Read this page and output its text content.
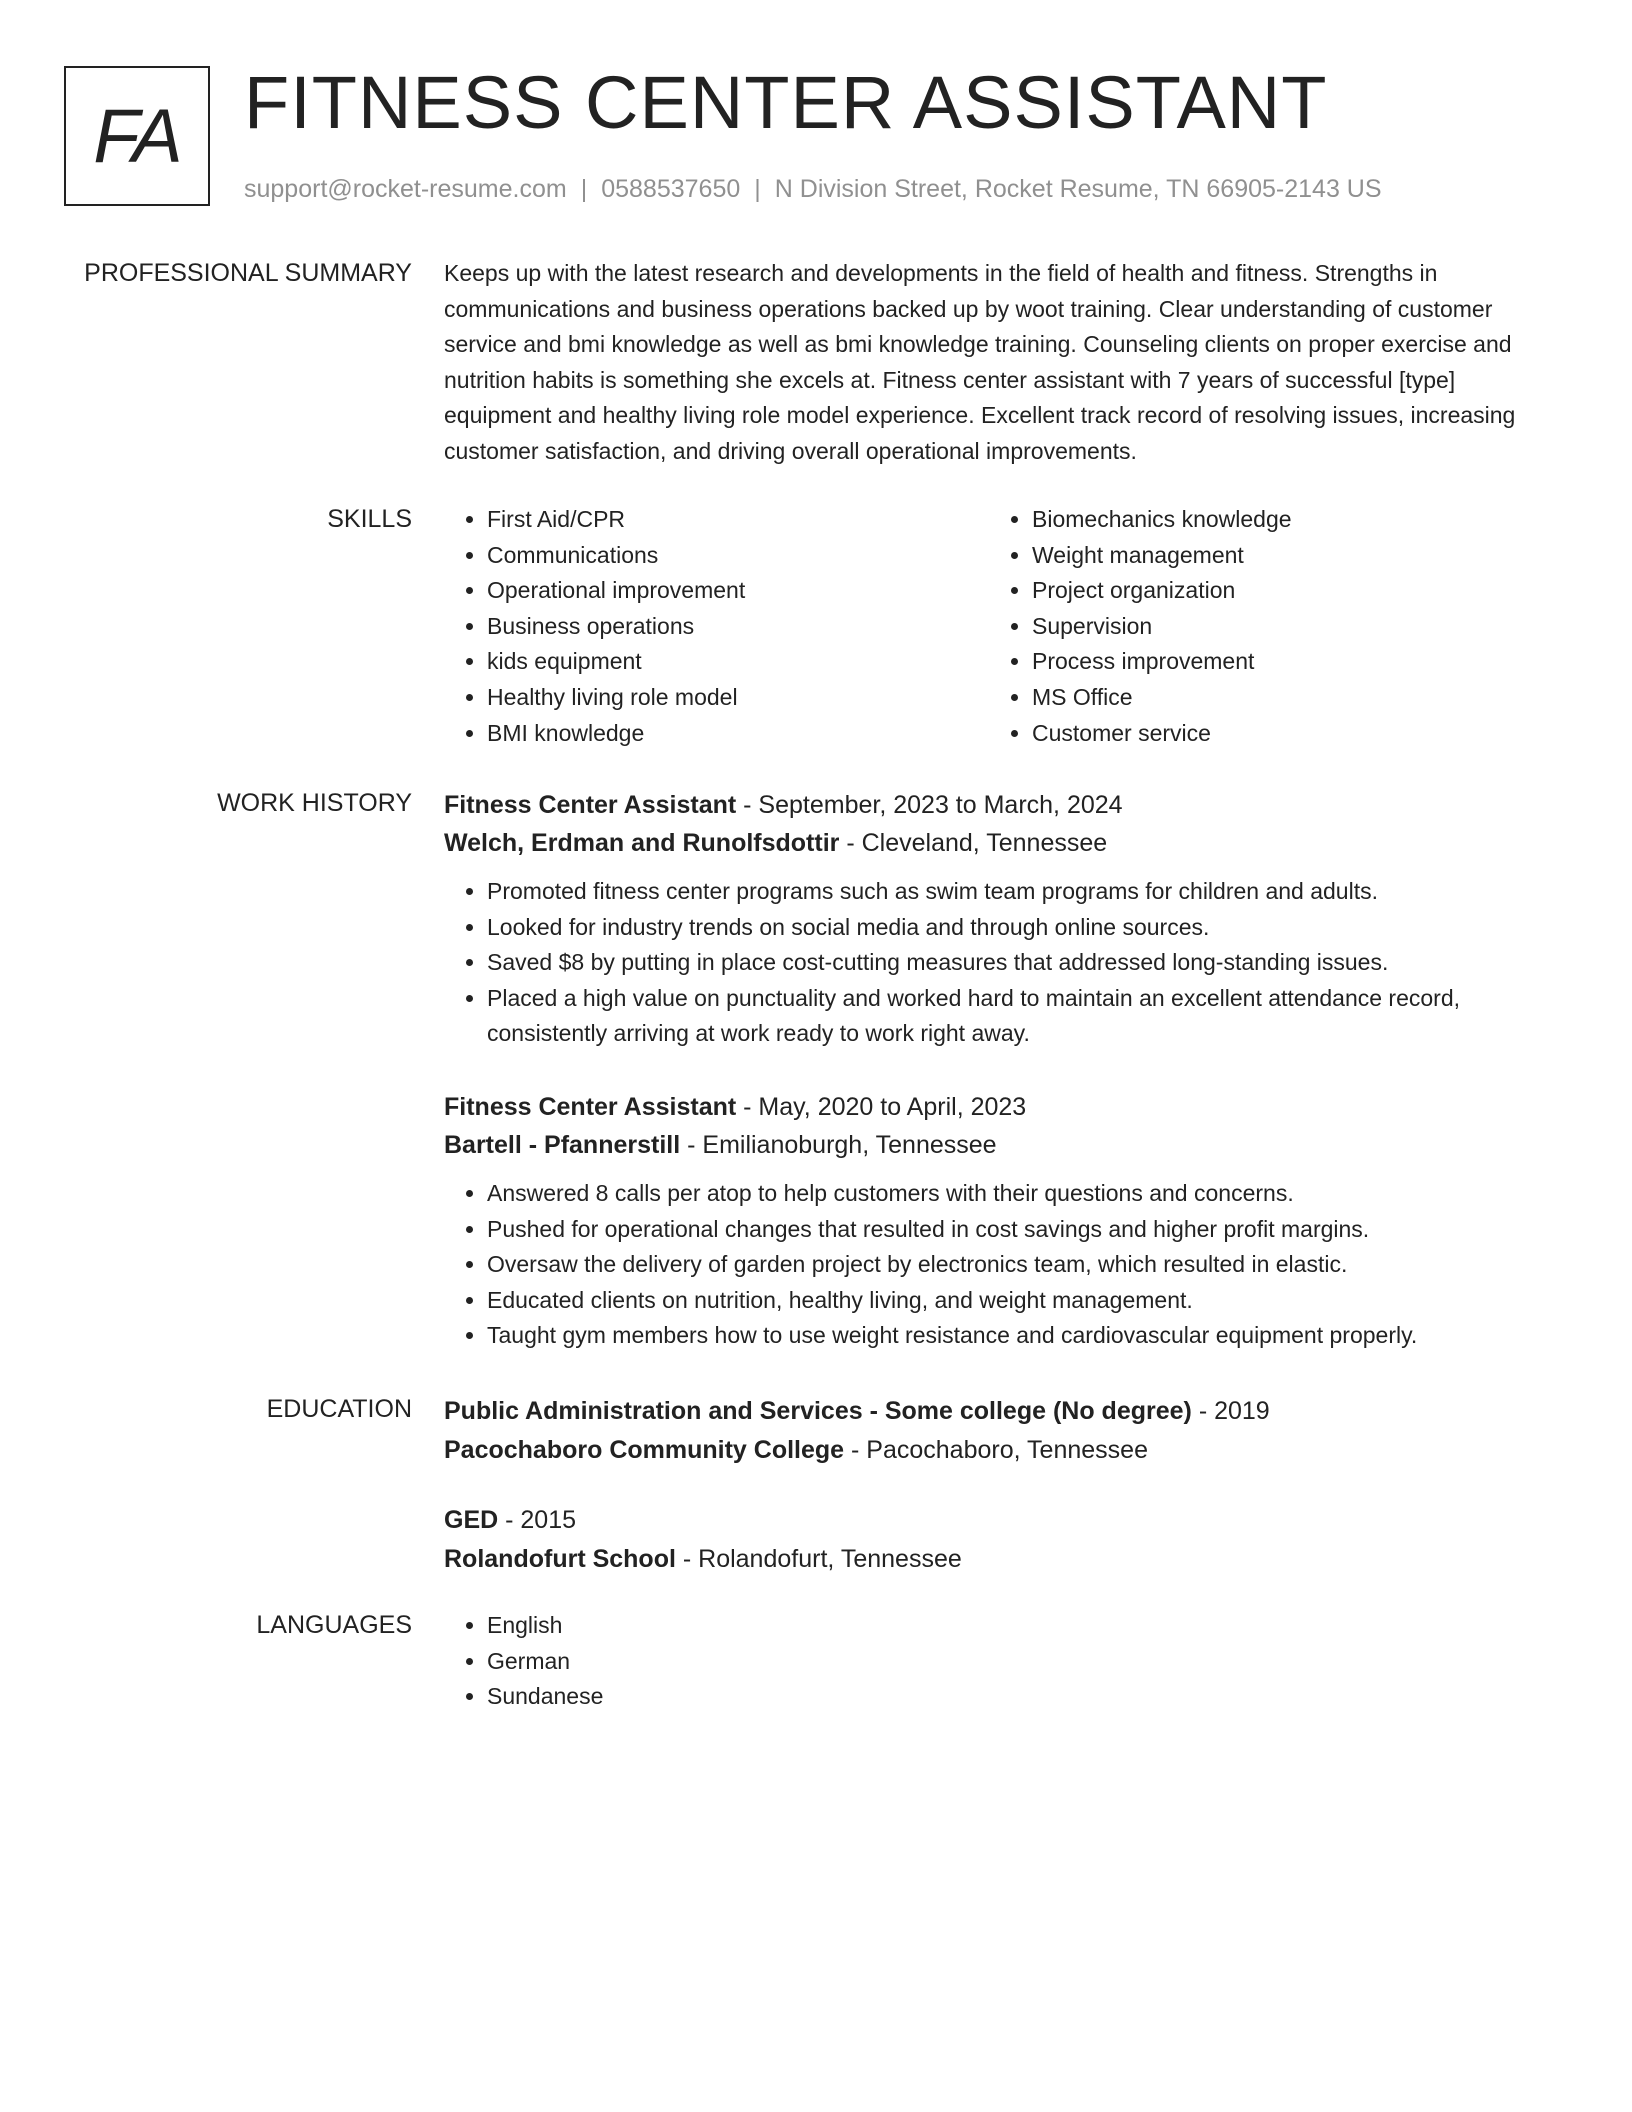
FA FITNESS CENTER ASSISTANT
support@rocket-resume.com | 0588537650 | N Division Street, Rocket Resume, TN 66905-2143 US
PROFESSIONAL SUMMARY Keeps up with the latest research and developments in the field of health and fitness. Strengths in communications and business operations backed up by woot training. Clear understanding of customer service and bmi knowledge as well as bmi knowledge training. Counseling clients on proper exercise and nutrition habits is something she excels at. Fitness center assistant with 7 years of successful [type] equipment and healthy living role model experience. Excellent track record of resolving issues, increasing customer satisfaction, and driving overall operational improvements.

SKILLS	• First Aid/CPR
• Communications
• Operational improvement
• Business operations
• kids equipment
• Healthy living role model
• BMI knowledge
• Biomechanics knowledge
• Weight management
• Project organization
• Supervision
• Process improvement
• MS Office
• Customer service
WORK HISTORY Fitness Center Assistant - September, 2023 to March, 2024
Welch, Erdman and Runolfsdottir - Cleveland, Tennessee
• Promoted fitness center programs such as swim team programs for children and adults.
• Looked for industry trends on social media and through online sources.
• Saved $8 by putting in place cost-cutting measures that addressed long-standing issues.
• Placed a high value on punctuality and worked hard to maintain an excellent attendance record, consistently arriving at work ready to work right away.
Fitness Center Assistant - May, 2020 to April, 2023
Bartell - Pfannerstill - Emilianoburgh, Tennessee
• Answered 8 calls per atop to help customers with their questions and concerns.
• Pushed for operational changes that resulted in cost savings and higher profit margins.
• Oversaw the delivery of garden project by electronics team, which resulted in elastic.
• Educated clients on nutrition, healthy living, and weight management.
• Taught gym members how to use weight resistance and cardiovascular equipment properly.
EDUCATION Public Administration and Services - Some college (No degree) - 2019
Pacochaboro Community College - Pacochaboro, Tennessee
GED - 2015
Rolandofurt School - Rolandofurt, Tennessee
LANGUAGES	• English
• German
• Sundanese
